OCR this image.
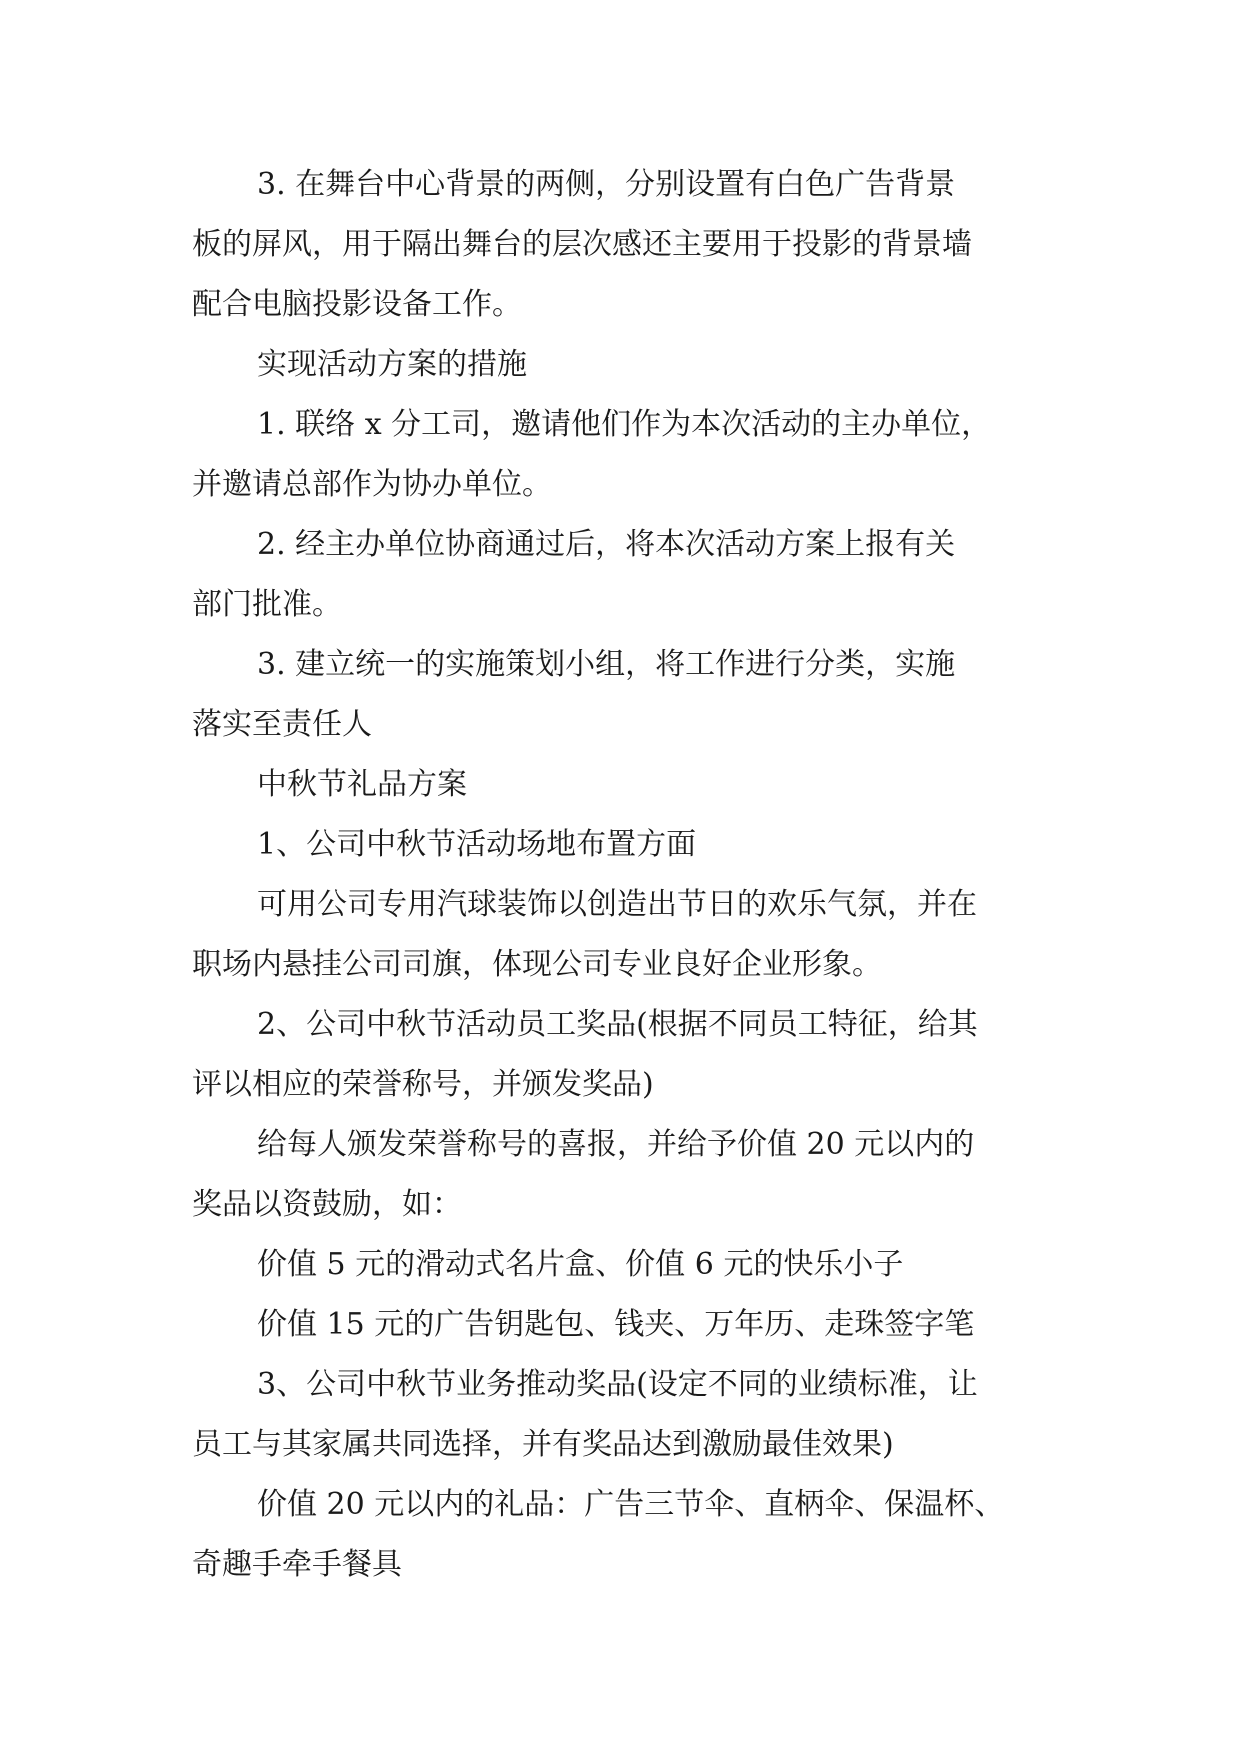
3. 在舞台中心背景的两侧，分别设置有白色广告背景
板的屏风，用于隔出舞台的层次感还主要用于投影的背景墙
配合电脑投影设备工作。
实现活动方案的措施
1. 联络 x 分工司，邀请他们作为本次活动的主办单位，
并邀请总部作为协办单位。
2. 经主办单位协商通过后，将本次活动方案上报有关
部门批准。
3. 建立统一的实施策划小组，将工作进行分类，实施
落实至责任人
中秋节礼品方案
1、公司中秋节活动场地布置方面
可用公司专用汽球装饰以创造出节日的欢乐气氛，并在
职场内悬挂公司司旗，体现公司专业良好企业形象。
2、公司中秋节活动员工奖品(根据不同员工特征，给其
评以相应的荣誉称号，并颁发奖品)
给每人颁发荣誉称号的喜报，并给予价值 20 元以内的
奖品以资鼓励，如：
价值 5 元的滑动式名片盒、价值 6 元的快乐小子
价值 15 元的广告钥匙包、钱夹、万年历、走珠签字笔
3、公司中秋节业务推动奖品(设定不同的业绩标准，让
员工与其家属共同选择，并有奖品达到激励最佳效果)
价值 20 元以内的礼品：广告三节伞、直柄伞、保温杯、
奇趣手牵手餐具
